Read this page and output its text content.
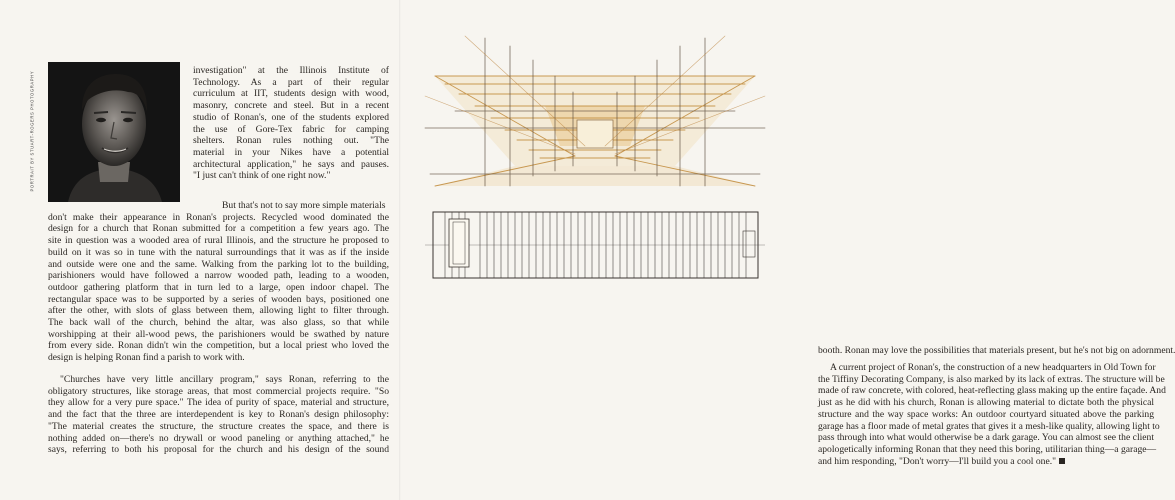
PORTRAIT BY STUART-ROGERS PHOTOGRAPHY
investigation" at the Illinois Institute of
Technology. As a part of their regular
curriculum at IIT, students design with wood,
masonry, concrete and steel. But in a recent
studio of Ronan's, one of the students explored
the use of Gore-Tex fabric for camping
shelters. Ronan rules nothing out. "The
material in your Nikes have a potential
architectural application," he says and pauses.
"I just can't think of one right now."
But that's not to say more simple materials
don't make their appearance in Ronan's projects. Recycled wood dominated the
design for a church that Ronan submitted for a competition a few years ago. The
site in question was a wooded area of rural Illinois, and the structure he proposed to
build on it was so in tune with the natural surroundings that it was as if the inside
and outside were one and the same. Walking from the parking lot to the building,
parishioners would have followed a narrow wooded path, leading to a wooden,
outdoor gathering platform that in turn led to a large, open indoor chapel. The
rectangular space was to be supported by a series of wooden bays, positioned one
after the other, with slots of glass between them, allowing light to filter through.
The back wall of the church, behind the altar, was also glass, so that while
worshipping at their all-wood pews, the parishioners would be swathed by nature
from every side. Ronan didn't win the competition, but a local priest who loved the
design is helping Ronan find a parish to work with.
"Churches have very little ancillary program," says Ronan, referring to the
obligatory structures, like storage areas, that most commercial projects require. "So
they allow for a very pure space." The idea of purity of space, material and structure,
and the fact that the three are interdependent is key to Ronan's design philosophy:
"The material creates the structure, the structure creates the space, and there is
nothing added on—there's no drywall or wood paneling or anything attached," he
says, referring to both his proposal for the church and his design of the sound
booth. Ronan may love the possibilities that materials present, but he's not big on adornment.
A current project of Ronan's, the construction of a new headquarters in Old Town for
the Tiffiny Decorating Company, is also marked by its lack of extras. The structure will be
made of raw concrete, with colored, heat-reflecting glass making up the entire façade. And
just as he did with his church, Ronan is allowing material to dictate both the physical
structure and the way space works: An outdoor courtyard situated above the parking
garage has a floor made of metal grates that gives it a mesh-like quality, allowing light to
pass through into what would otherwise be a dark garage. You can almost see the client
apologetically informing Ronan that they need this boring, utilitarian thing—a garage—
and him responding, "Don't worry—I'll build you a cool one."
